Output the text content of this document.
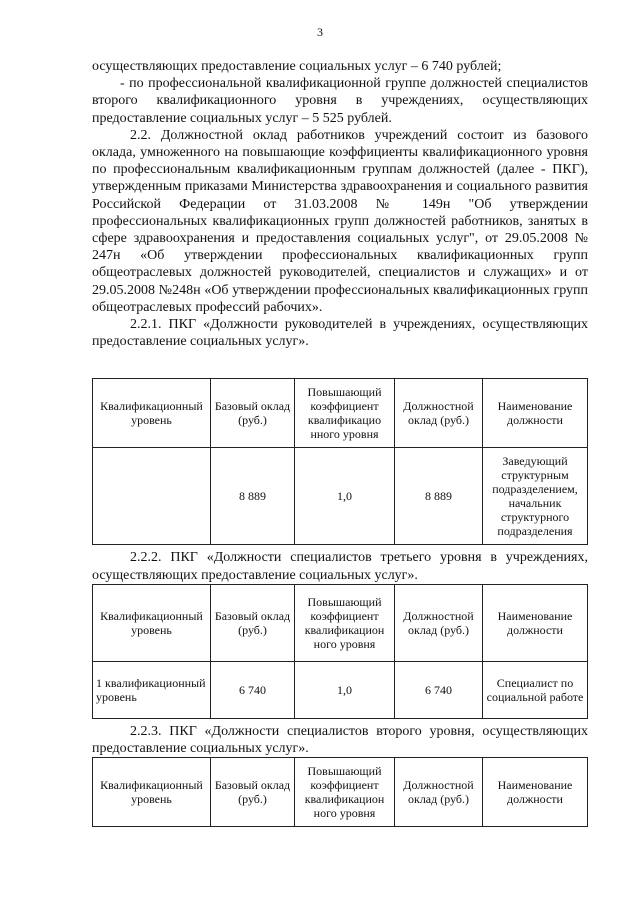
3

осуществляющих предоставление социальных услуг – 6 740 рублей;

- по профессиональной квалификационной группе должностей специалистов второго квалификационного уровня в учреждениях, осуществляющих предоставление социальных услуг – 5 525 рублей.

2.2. Должностной оклад работников учреждений состоит из базового оклада, умноженного на повышающие коэффициенты квалификационного уровня по профессиональным квалификационным группам должностей (далее - ПКГ), утвержденным приказами Министерства здравоохранения и социального развития Российской Федерации от 31.03.2008 № 149н "Об утверждении профессиональных квалификационных групп должностей работников, занятых в сфере здравоохранения и предоставления социальных услуг", от 29.05.2008 № 247н «Об утверждении профессиональных квалификационных групп общеотраслевых должностей руководителей, специалистов и служащих» и от 29.05.2008 №248н «Об утверждении профессиональных квалификационных групп общеотраслевых профессий рабочих».

2.2.1. ПКГ «Должности руководителей в учреждениях, осуществляющих предоставление социальных услуг».

Квалификационный уровень	Базовый оклад (руб.)	Повышающий коэффициент квалификацио нного уровня	Должностной оклад (руб.)	Наименование должности
	8 889	1,0	8 889	Заведующий структурным подразделением, начальник структурного подразделения

2.2.2. ПКГ «Должности специалистов третьего уровня в учреждениях, осуществляющих предоставление социальных услуг».

Квалификационный уровень	Базовый оклад (руб.)	Повышающий коэффициент квалификацион ного уровня	Должностной оклад (руб.)	Наименование должности
1 квалификационный уровень	6 740	1,0	6 740	Специалист по социальной работе

2.2.3. ПКГ «Должности специалистов второго уровня, осуществляющих предоставление социальных услуг».

Квалификационный уровень	Базовый оклад (руб.)	Повышающий коэффициент квалификацион ного уровня	Должностной оклад (руб.)	Наименование должности
